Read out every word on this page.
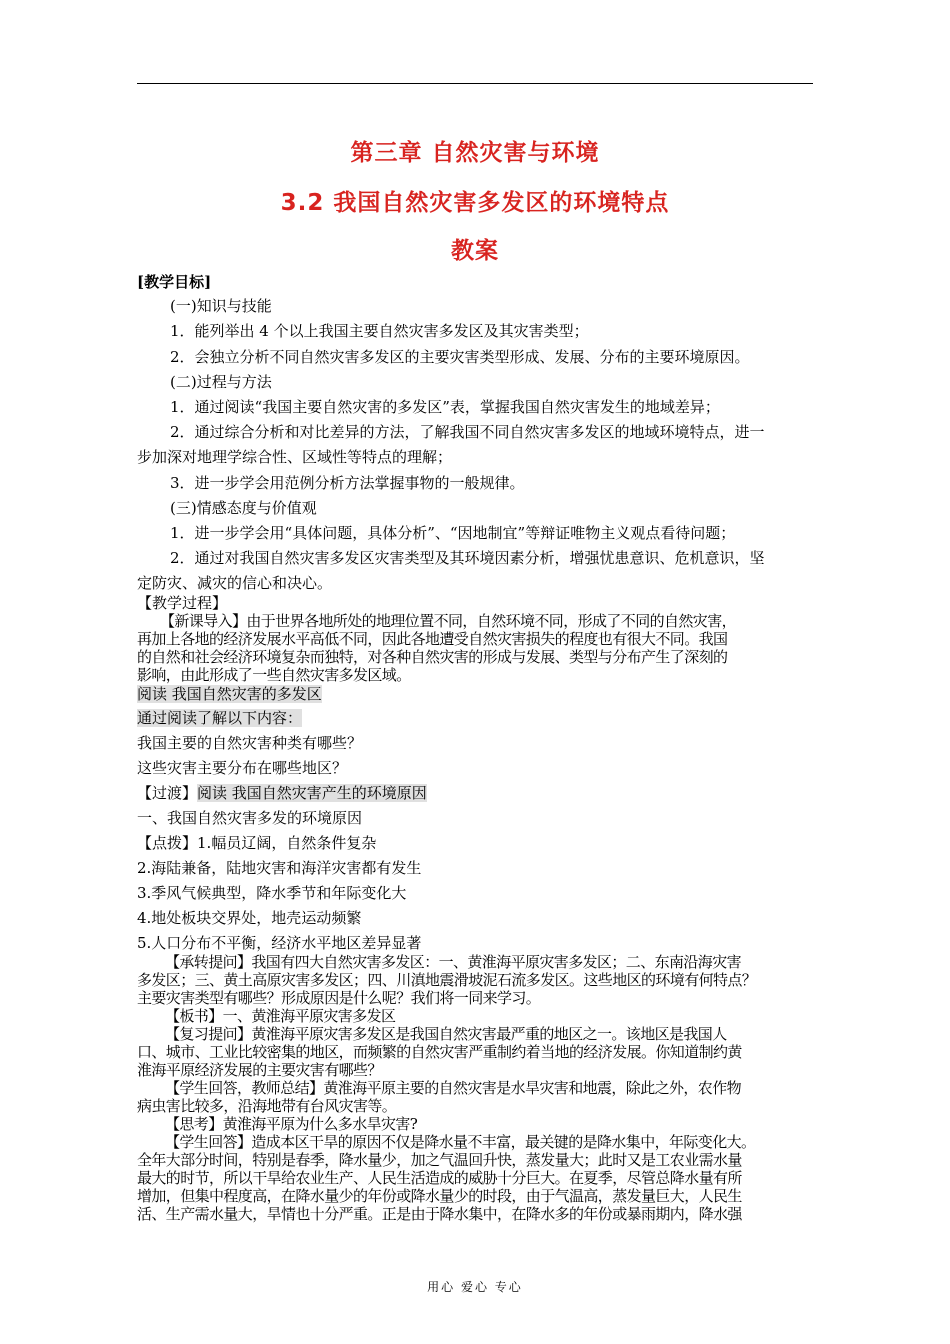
第三章 自然灾害与环境
3.2 我国自然灾害多发区的环境特点
教案
[教学目标]
(一)知识与技能
1．能列举出 4 个以上我国主要自然灾害多发区及其灾害类型；
2．会独立分析不同自然灾害多发区的主要灾害类型形成、发展、分布的主要环境原因。
(二)过程与方法
1．通过阅读“我国主要自然灾害的多发区”表，掌握我国自然灾害发生的地域差异；
2．通过综合分析和对比差异的方法，了解我国不同自然灾害多发区的地域环境特点，进一
步加深对地理学综合性、区域性等特点的理解；
3．进一步学会用范例分析方法掌握事物的一般规律。
(三)情感态度与价值观
1．进一步学会用“具体问题，具体分析”、“因地制宜”等辩证唯物主义观点看待问题；
2．通过对我国自然灾害多发区灾害类型及其环境因素分析，增强忧患意识、危机意识，坚
定防灾、减灾的信心和决心。
【教学过程】
【新课导入】由于世界各地所处的地理位置不同，自然环境不同，形成了不同的自然灾害，
再加上各地的经济发展水平高低不同，因此各地遭受自然灾害损失的程度也有很大不同。我国
的自然和社会经济环境复杂而独特，对各种自然灾害的形成与发展、类型与分布产生了深刻的
影响，由此形成了一些自然灾害多发区域。
阅读 我国自然灾害的多发区
通过阅读了解以下内容：
我国主要的自然灾害种类有哪些？
这些灾害主要分布在哪些地区？
【过渡】阅读 我国自然灾害产生的环境原因
一、我国自然灾害多发的环境原因
【点拨】1.幅员辽阔，自然条件复杂
2.海陆兼备，陆地灾害和海洋灾害都有发生
3.季风气候典型，降水季节和年际变化大
4.地处板块交界处，地壳运动频繁
5.人口分布不平衡，经济水平地区差异显著
【承转提问】我国有四大自然灾害多发区：一、黄淮海平原灾害多发区；二、东南沿海灾害
多发区；三、黄土高原灾害多发区；四、川滇地震滑坡泥石流多发区。这些地区的环境有何特点？
主要灾害类型有哪些？形成原因是什么呢？我们将一同来学习。
【板书】一、黄淮海平原灾害多发区
【复习提问】黄淮海平原灾害多发区是我国自然灾害最严重的地区之一。该地区是我国人
口、城市、工业比较密集的地区，而频繁的自然灾害严重制约着当地的经济发展。你知道制约黄
淮海平原经济发展的主要灾害有哪些？
【学生回答，教师总结】黄淮海平原主要的自然灾害是水旱灾害和地震，除此之外，农作物
病虫害比较多，沿海地带有台风灾害等。
【思考】黄淮海平原为什么多水旱灾害?
【学生回答】造成本区干旱的原因不仅是降水量不丰富，最关键的是降水集中，年际变化大。
全年大部分时间，特别是春季，降水量少，加之气温回升快，蒸发量大；此时又是工农业需水量
最大的时节，所以干旱给农业生产、人民生活造成的威胁十分巨大。在夏季，尽管总降水量有所
增加，但集中程度高，在降水量少的年份或降水量少的时段，由于气温高，蒸发量巨大，人民生
活、生产需水量大，旱情也十分严重。正是由于降水集中，在降水多的年份或暴雨期内，降水强
用心 爱心 专心
